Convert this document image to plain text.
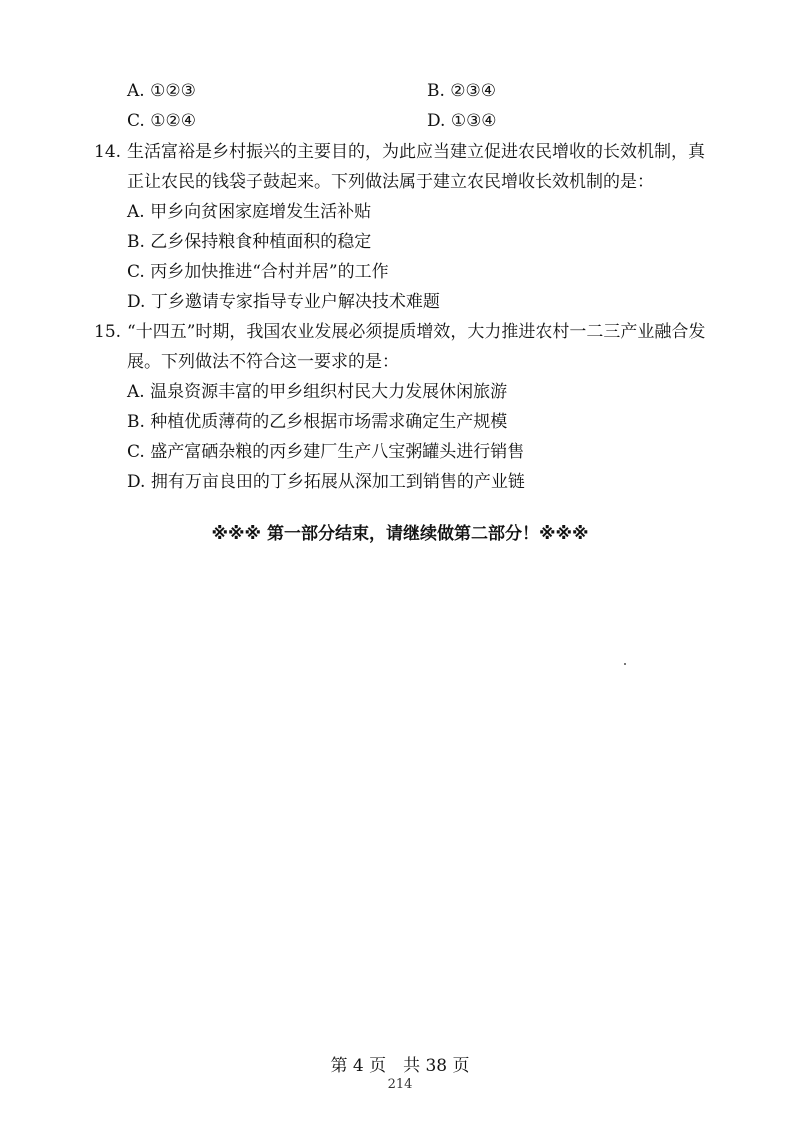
A. ①②③	B. ②③④
C. ①②④	D. ①③④
14. 生活富裕是乡村振兴的主要目的，为此应当建立促进农民增收的长效机制，真
正让农民的钱袋子鼓起来。下列做法属于建立农民增收长效机制的是：
A. 甲乡向贫困家庭增发生活补贴
B. 乙乡保持粮食种植面积的稳定
C. 丙乡加快推进“合村并居”的工作
D. 丁乡邀请专家指导专业户解决技术难题
15. “十四五”时期，我国农业发展必须提质增效，大力推进农村一二三产业融合发
展。下列做法不符合这一要求的是：
A. 温泉资源丰富的甲乡组织村民大力发展休闲旅游
B. 种植优质薄荷的乙乡根据市场需求确定生产规模
C. 盛产富硒杂粮的丙乡建厂生产八宝粥罐头进行销售
D. 拥有万亩良田的丁乡拓展从深加工到销售的产业链
※※※ 第一部分结束，请继续做第二部分！※※※
第 4 页　共 38 页
214
